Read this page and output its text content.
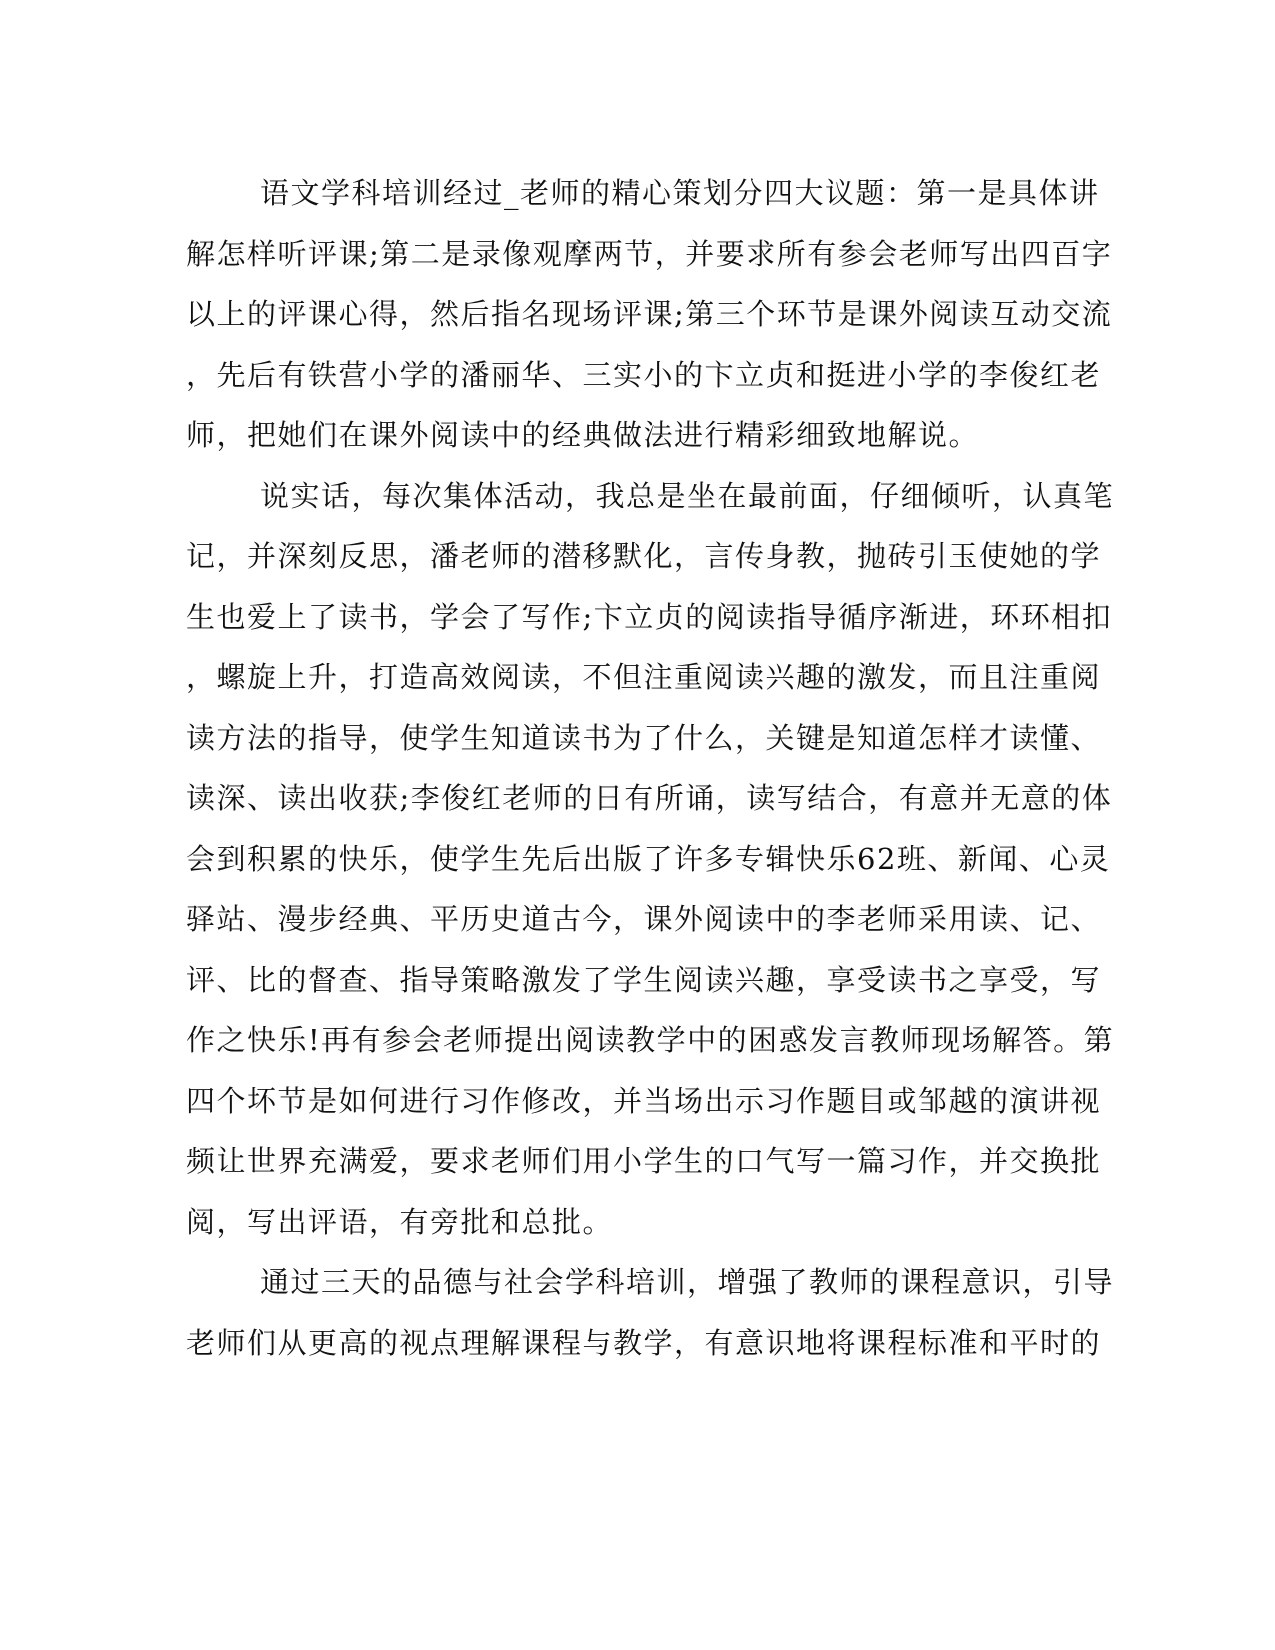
语文学科培训经过_老师的精心策划分四大议题：第一是具体讲
解怎样听评课;第二是录像观摩两节，并要求所有参会老师写出四百字
以上的评课心得，然后指名现场评课;第三个环节是课外阅读互动交流
，先后有铁营小学的潘丽华、三实小的卞立贞和挺进小学的李俊红老
师，把她们在课外阅读中的经典做法进行精彩细致地解说。
说实话，每次集体活动，我总是坐在最前面，仔细倾听，认真笔
记，并深刻反思，潘老师的潜移默化，言传身教，抛砖引玉使她的学
生也爱上了读书，学会了写作;卞立贞的阅读指导循序渐进，环环相扣
，螺旋上升，打造高效阅读，不但注重阅读兴趣的激发，而且注重阅
读方法的指导，使学生知道读书为了什么，关键是知道怎样才读懂、
读深、读出收获;李俊红老师的日有所诵，读写结合，有意并无意的体
会到积累的快乐，使学生先后出版了许多专辑快乐62班、新闻、心灵
驿站、漫步经典、平历史道古今，课外阅读中的李老师采用读、记、
评、比的督查、指导策略激发了学生阅读兴趣，享受读书之享受，写
作之快乐!再有参会老师提出阅读教学中的困惑发言教师现场解答。第
四个坏节是如何进行习作修改，并当场出示习作题目或邹越的演讲视
频让世界充满爱，要求老师们用小学生的口气写一篇习作，并交换批
阅，写出评语，有旁批和总批。
通过三天的品德与社会学科培训，增强了教师的课程意识，引导
老师们从更高的视点理解课程与教学，有意识地将课程标准和平时的
